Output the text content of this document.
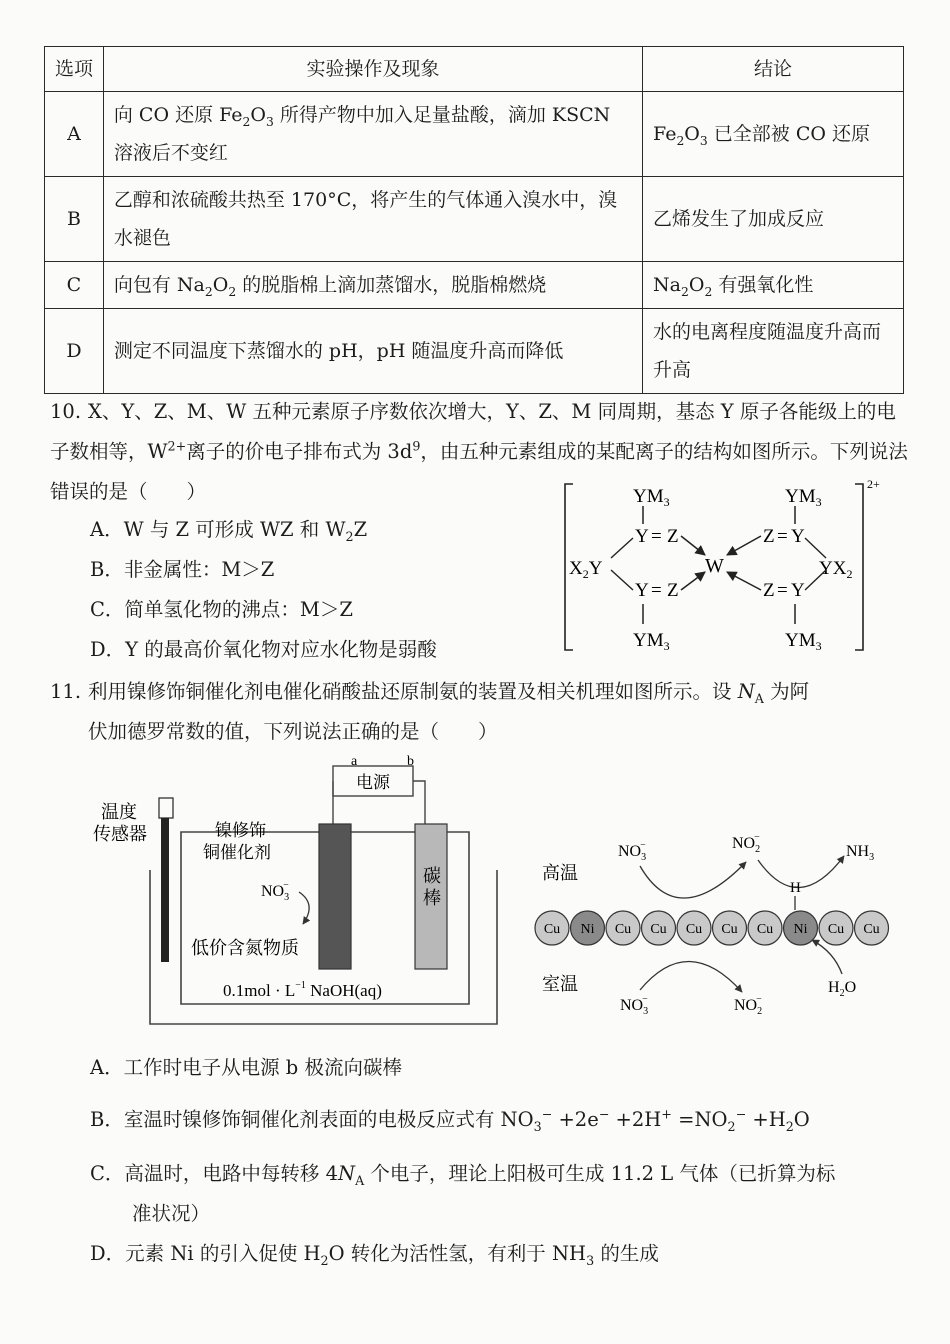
选项	实验操作及现象	结论
A	向 CO 还原 $Fe_2O_3$ 所得产物中加入足量盐酸，滴加 KSCN 溶液后不变红	$Fe_2O_3$ 已全部被 CO 还原
B	乙醇和浓硫酸共热至 170°C，将产生的气体通入溴水中，溴水褪色	乙烯发生了加成反应
C	向包有 $Na_2O_2$ 的脱脂棉上滴加蒸馏水，脱脂棉燃烧	$Na_2O_2$ 有强氧化性
D	测定不同温度下蒸馏水的 pH，pH 随温度升高而降低	水的电离程度随温度升高而升高
10. X、Y、Z、M、W 五种元素原子序数依次增大，Y、Z、M 同周期，基态 Y 原子各能级上的电子数相等，$W^{2+}$离子的价电子排布式为 $3d^9$，由五种元素组成的某配离子的结构如图所示。下列说法错误的是（　　）
A．W 与 Z 可形成 WZ 和 $W_2Z$
B．非金属性：M＞Z
C．简单氢化物的沸点：M＞Z
D．Y 的最高价氧化物对应水化物是弱酸
2+
$YM_3$	$YM_3$
$YM_3$	$YM_3$
Y = Z	Z = Y
Y = Z	Z = Y
W
$X_2Y$	$YX_2$
11. 利用镍修饰铜催化剂电催化硝酸盐还原制氨的装置及相关机理如图所示。设 $N_A$ 为阿
伏加德罗常数的值，下列说法正确的是（　　）
电源
a	b
碳
棒
温度
传感器	镍修饰
铜催化剂
$NO_3-$
低价含氮物质
$0.1mol \cdot L^{-1}$ NaOH(aq)
高温
室温
$NO_3-$	$NO_2-$
$NH_3$
H
Cu Ni Cu Cu Cu Cu Cu Ni Cu Cu
$NO_3-$	$NO_2-$
$H_2O$
A．工作时电子从电源 b 极流向碳棒
B．室温时镍修饰铜催化剂表面的电极反应式有 $NO_3^- +2e^- +2H^+ =NO_2^- +H_2O$
C．高温时，电路中每转移 $4N_A$ 个电子，理论上阳极可生成 11.2 L 气体（已折算为标
准状况）
D．元素 Ni 的引入促使 $H_2O$ 转化为活性氢，有利于 $NH_3$ 的生成
